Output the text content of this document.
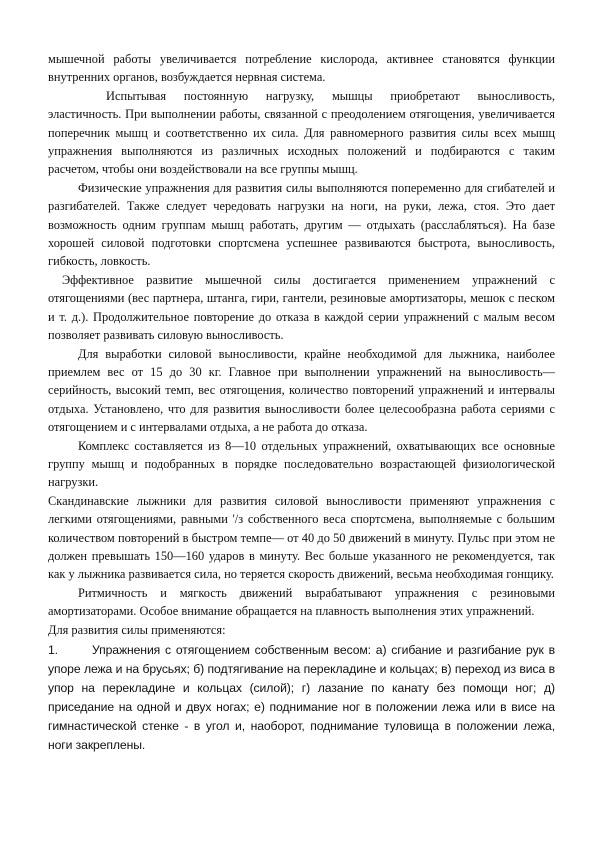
мышечной работы увеличивается потребление кислорода, активнее становятся функции внутренних органов, возбуждается нервная система.

Испытывая постоянную нагрузку, мышцы приобретают выносливость, эластичность. При выполнении работы, связанной с преодолением отягощения, увеличивается поперечник мышц и соответственно их сила. Для равномерного развития силы всех мышц упражнения выполняются из различных исходных положений и подбираются с таким расчетом, чтобы они воздействовали на все группы мышц.

Физические упражнения для развития силы выполняются попеременно для сгибателей и разгибателей. Также следует чередовать нагрузки на ноги, на руки, лежа, стоя. Это дает возможность одним группам мышц работать, другим — отдыхать (расслабляться). На базе хорошей силовой подготовки спортсмена успешнее развиваются быстрота, выносливость, гибкость, ловкость.

Эффективное развитие мышечной силы достигается применением упражнений с отягощениями (вес партнера, штанга, гири, гантели, резиновые амортизаторы, мешок с песком и т. д.). Продолжительное повторение до отказа в каждой серии упражнений с малым весом позволяет развивать силовую выносливость.

Для выработки силовой выносливости, крайне необходимой для лыжника, наиболее приемлем вес от 15 до 30 кг. Главное при выполнении упражнений на выносливость— серийность, высокий темп, вес отягощения, количество повторений упражнений и интервалы отдыха. Установлено, что для развития выносливости более целесообразна работа сериями с отягощением и с интервалами отдыха, а не работа до отказа.

Комплекс составляется из 8—10 отдельных упражнений, охватывающих все основные группу мышц и подобранных в порядке последовательно возрастающей физиологической нагрузки.

Скандинавские лыжники для развития силовой выносливости применяют упражнения с легкими отягощениями, равными '/з собственного веса спортсмена, выполняемые с большим количеством повторений в быстром темпе— от 40 до 50 движений в минуту. Пульс при этом не должен превышать 150—160 ударов в минуту. Вес больше указанного не рекомендуется, так как у лыжника развивается сила, но теряется скорость движений, весьма необходимая гонщику.

Ритмичность и мягкость движений вырабатывают упражнения с резиновыми амортизаторами. Особое внимание обращается на плавность выполнения этих упражнений.

Для развития силы применяются:

1.	Упражнения с отягощением собственным весом: а) сгибание и разгибание рук в упоре лежа и на брусьях; б) подтягивание на перекладине и кольцах; в) переход из виса в упор на перекладине и кольцах (силой); г) лазание по канату без помощи ног; д) приседание на одной и двух ногах; е) поднимание ног в положении лежа или в висе на гимнастической стенке - в угол и, наоборот, поднимание туловища в положении лежа, ноги закреплены.
